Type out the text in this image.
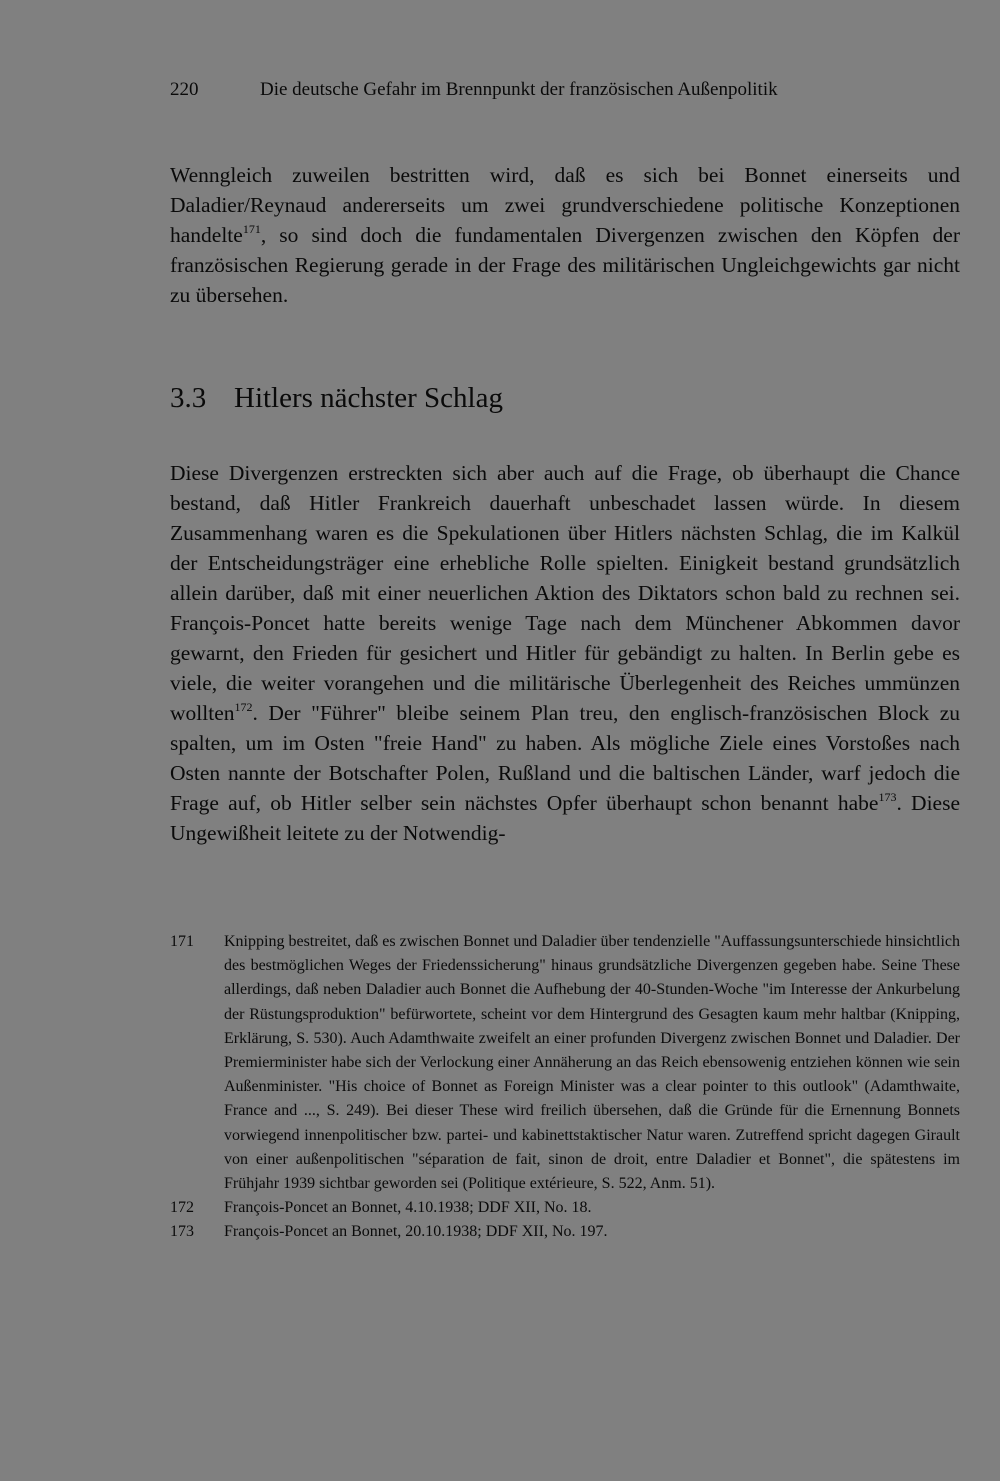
220	Die deutsche Gefahr im Brennpunkt der französischen Außenpolitik

Wenngleich zuweilen bestritten wird, daß es sich bei Bonnet einerseits und Daladier/Reynaud andererseits um zwei grundverschiedene politische Konzeptionen handelte$^{171}$, so sind doch die fundamentalen Divergenzen zwischen den Köpfen der französischen Regierung gerade in der Frage des militärischen Ungleichgewichts gar nicht zu übersehen.

3.3 Hitlers nächster Schlag

Diese Divergenzen erstreckten sich aber auch auf die Frage, ob überhaupt die Chance bestand, daß Hitler Frankreich dauerhaft unbeschadet lassen würde. In diesem Zusammenhang waren es die Spekulationen über Hitlers nächsten Schlag, die im Kalkül der Entscheidungsträger eine erhebliche Rolle spielten. Einigkeit bestand grundsätzlich allein darüber, daß mit einer neuerlichen Aktion des Diktators schon bald zu rechnen sei. François-Poncet hatte bereits wenige Tage nach dem Münchener Abkommen davor gewarnt, den Frieden für gesichert und Hitler für gebändigt zu halten. In Berlin gebe es viele, die weiter vorangehen und die militärische Überlegenheit des Reiches ummünzen wollten$^{172}$. Der "Führer" bleibe seinem Plan treu, den englisch-französischen Block zu spalten, um im Osten "freie Hand" zu haben. Als mögliche Ziele eines Vorstoßes nach Osten nannte der Botschafter Polen, Rußland und die baltischen Länder, warf jedoch die Frage auf, ob Hitler selber sein nächstes Opfer überhaupt schon benannt habe$^{173}$. Diese Ungewißheit leitete zu der Notwendig-

171	Knipping bestreitet, daß es zwischen Bonnet und Daladier über tendenzielle "Auffassungsunterschiede hinsichtlich des bestmöglichen Weges der Friedenssicherung" hinaus grundsätzliche Divergenzen gegeben habe. Seine These allerdings, daß neben Daladier auch Bonnet die Aufhebung der 40-Stunden-Woche "im Interesse der Ankurbelung der Rüstungsproduktion" befürwortete, scheint vor dem Hintergrund des Gesagten kaum mehr haltbar (Knipping, Erklärung, S. 530). Auch Adamthwaite zweifelt an einer profunden Divergenz zwischen Bonnet und Daladier. Der Premierminister habe sich der Verlockung einer Annäherung an das Reich ebensowenig entziehen können wie sein Außenminister. "His choice of Bonnet as Foreign Minister was a clear pointer to this outlook" (Adamthwaite, France and ..., S. 249). Bei dieser These wird freilich übersehen, daß die Gründe für die Ernennung Bonnets vorwiegend innenpolitischer bzw. partei- und kabinettstaktischer Natur waren. Zutreffend spricht dagegen Girault von einer außenpolitischen "séparation de fait, sinon de droit, entre Daladier et Bonnet", die spätestens im Frühjahr 1939 sichtbar geworden sei (Politique extérieure, S. 522, Anm. 51).
172	François-Poncet an Bonnet, 4.10.1938; DDF XII, No. 18.
173	François-Poncet an Bonnet, 20.10.1938; DDF XII, No. 197.
